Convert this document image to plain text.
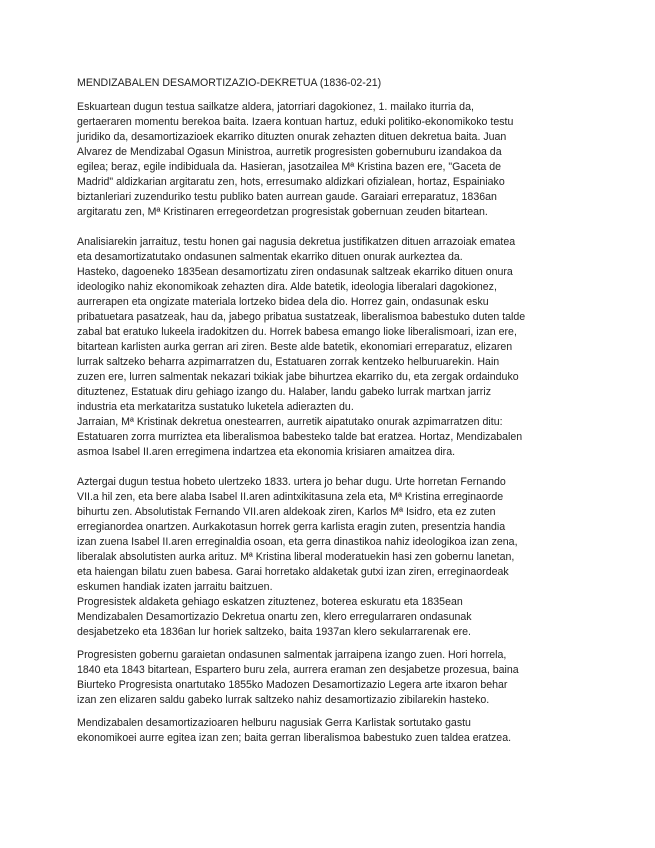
MENDIZABALEN DESAMORTIZAZIO-DEKRETUA (1836-02-21)

Eskuartean dugun testua sailkatze aldera, jatorriari dagokionez, 1. mailako iturria da,
gertaeraren momentu berekoa baita. Izaera kontuan hartuz, eduki politiko-ekonomikoko testu
juridiko da, desamortizazioek ekarriko dituzten onurak zehazten dituen dekretua baita. Juan
Alvarez de Mendizabal Ogasun Ministroa, aurretik progresisten gobernuburu izandakoa da
egilea; beraz, egile indibiduala da. Hasieran, jasotzailea Mª Kristina bazen ere, "Gaceta de
Madrid" aldizkarian argitaratu zen, hots, erresumako aldizkari ofizialean, hortaz, Espainiako
biztanleriari zuzenduriko testu publiko baten aurrean gaude. Garaiari erreparatuz, 1836an
argitaratu zen, Mª Kristinaren erregeordetzan progresistak gobernuan zeuden bitartean.

Analisiarekin jarraituz, testu honen gai nagusia dekretua justifikatzen dituen arrazoiak ematea
eta desamortizatutako ondasunen salmentak ekarriko dituen onurak aurkeztea da.
Hasteko, dagoeneko 1835ean desamortizatu ziren ondasunak saltzeak ekarriko dituen onura
ideologiko nahiz ekonomikoak zehazten dira. Alde batetik, ideologia liberalari dagokionez,
aurrerapen eta ongizate materiala lortzeko bidea dela dio. Horrez gain, ondasunak esku
pribatuetara pasatzeak, hau da, jabego pribatua sustatzeak, liberalismoa babestuko duten talde
zabal bat eratuko lukeela iradokitzen du. Horrek babesa emango lioke liberalismoari, izan ere,
bitartean karlisten aurka gerran ari ziren. Beste alde batetik, ekonomiari erreparatuz, elizaren
lurrak saltzeko beharra azpimarratzen du, Estatuaren zorrak kentzeko helburuarekin. Hain
zuzen ere, lurren salmentak nekazari txikiak jabe bihurtzea ekarriko du, eta zergak ordainduko
dituztenez, Estatuak diru gehiago izango du. Halaber, landu gabeko lurrak martxan jarriz
industria eta merkataritza sustatuko luketela adierazten du.
Jarraian, Mª Kristinak dekretua onestearren, aurretik aipatutako onurak azpimarratzen ditu:
Estatuaren zorra murriztea eta liberalismoa babesteko talde bat eratzea. Hortaz, Mendizabalen
asmoa Isabel II.aren erregimena indartzea eta ekonomia krisiaren amaitzea dira.

Aztergai dugun testua hobeto ulertzeko 1833. urtera jo behar dugu. Urte horretan Fernando
VII.a hil zen, eta bere alaba Isabel II.aren adintxikitasuna zela eta, Mª Kristina erreginaorde
bihurtu zen. Absolutistak Fernando VII.aren aldekoak ziren, Karlos Mª Isidro, eta ez zuten
erregianordea onartzen. Aurkakotasun horrek gerra karlista eragin zuten, presentzia handia
izan zuena Isabel II.aren erreginaldia osoan, eta gerra dinastikoa nahiz ideologikoa izan zena,
liberalak absolutisten aurka arituz. Mª Kristina liberal moderatuekin hasi zen gobernu lanetan,
eta haiengan bilatu zuen babesa. Garai horretako aldaketak gutxi izan ziren, erreginaordeak
eskumen handiak izaten jarraitu baitzuen.
Progresistek aldaketa gehiago eskatzen zituztenez, boterea eskuratu eta 1835ean
Mendizabalen Desamortizazio Dekretua onartu zen, klero erregularraren ondasunak
desjabetzeko eta 1836an lur horiek saltzeko, baita 1937an klero sekularrarenak ere.

Progresisten gobernu garaietan ondasunen salmentak jarraipena izango zuen. Hori horrela,
1840 eta 1843 bitartean, Espartero buru zela, aurrera eraman zen desjabetze prozesua, baina
Biurteko Progresista onartutako 1855ko Madozen Desamortizazio Legera arte itxaron behar
izan zen elizaren saldu gabeko lurrak saltzeko nahiz desamortizazio zibilarekin hasteko.

Mendizabalen desamortizazioaren helburu nagusiak Gerra Karlistak sortutako gastu
ekonomikoei aurre egitea izan zen; baita gerran liberalismoa babestuko zuen taldea eratzea.
